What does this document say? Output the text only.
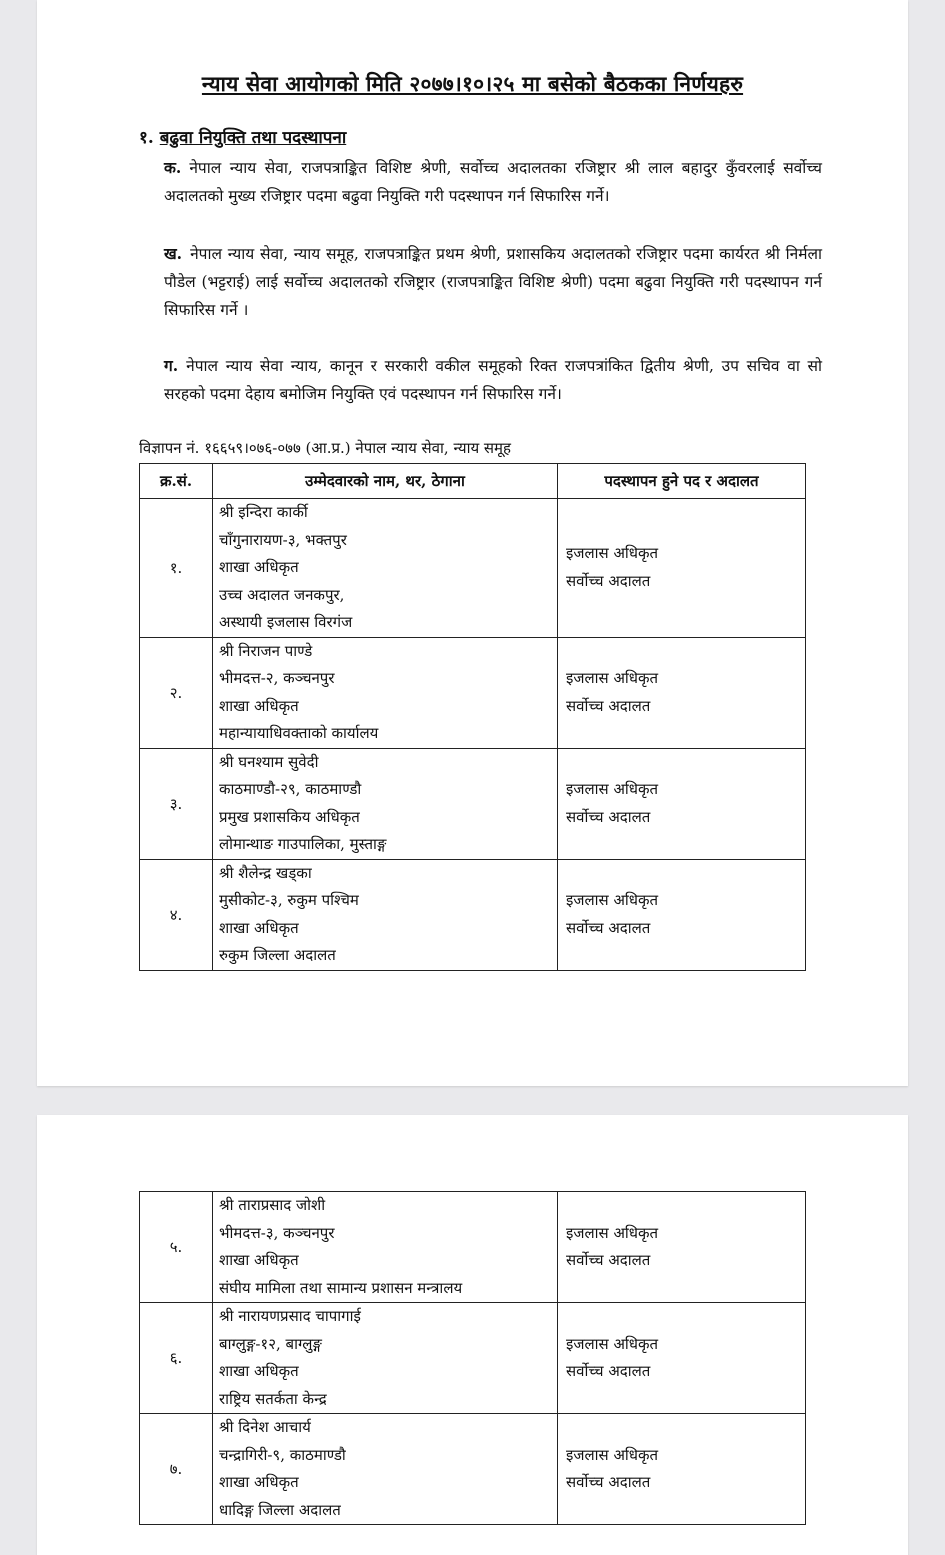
न्याय सेवा आयोगको मिति २०७७।१०।२५ मा बसेको बैठकका निर्णयहरु
१. बढुवा नियुक्ति तथा पदस्थापना
क. नेपाल न्याय सेवा, राजपत्राङ्कित विशिष्ट श्रेणी, सर्वोच्च अदालतका रजिष्ट्रार श्री लाल बहादुर कुँवरलाई सर्वोच्च अदालतको मुख्य रजिष्ट्रार पदमा बढुवा नियुक्ति गरी पदस्थापन गर्न सिफारिस गर्ने।
ख. नेपाल न्याय सेवा, न्याय समूह, राजपत्राङ्कित प्रथम श्रेणी, प्रशासकिय अदालतको रजिष्ट्रार पदमा कार्यरत श्री निर्मला पौडेल (भट्टराई) लाई सर्वोच्च अदालतको रजिष्ट्रार (राजपत्राङ्कित विशिष्ट श्रेणी) पदमा बढुवा नियुक्ति गरी पदस्थापन गर्न सिफारिस गर्ने ।
ग. नेपाल न्याय सेवा न्याय, कानून र सरकारी वकील समूहको रिक्त राजपत्रांकित द्वितीय श्रेणी, उप सचिव वा सो सरहको पदमा देहाय बमोजिम नियुक्ति एवं पदस्थापन गर्न सिफारिस गर्ने।
विज्ञापन नं. १६६५९।०७६-०७७ (आ.प्र.) नेपाल न्याय सेवा, न्याय समूह
क्र.सं.	उम्मेदवारको नाम, थर, ठेगाना	पदस्थापन हुने पद र अदालत
१.	श्री इन्दिरा कार्की
चाँगुनारायण-३, भक्तपुर
शाखा अधिकृत
उच्च अदालत जनकपुर,
अस्थायी इजलास विरगंज	इजलास अधिकृत
सर्वोच्च अदालत

२.	श्री निराजन पाण्डे
भीमदत्त-२, कञ्चनपुर
शाखा अधिकृत
महान्यायाधिवक्ताको कार्यालय	इजलास अधिकृत
सर्वोच्च अदालत

३.	श्री घनश्याम सुवेदी
काठमाण्डौ-२९, काठमाण्डौ
प्रमुख प्रशासकिय अधिकृत
लोमान्थाङ गाउपालिका, मुस्ताङ्ग	इजलास अधिकृत
सर्वोच्च अदालत

४.	श्री शैलेन्द्र खड्का
मुसीकोट-३, रुकुम पश्चिम
शाखा अधिकृत
रुकुम जिल्ला अदालत	इजलास अधिकृत
सर्वोच्च अदालत
५.	श्री ताराप्रसाद जोशी
भीमदत्त-३, कञ्चनपुर
शाखा अधिकृत
संघीय मामिला तथा सामान्य प्रशासन मन्त्रालय	इजलास अधिकृत
सर्वोच्च अदालत

६.	श्री नारायणप्रसाद चापागाई
बाग्लुङ्ग-१२, बाग्लुङ्ग
शाखा अधिकृत
राष्ट्रिय सतर्कता केन्द्र	इजलास अधिकृत
सर्वोच्च अदालत

७.	श्री दिनेश आचार्य
चन्द्रागिरी-९, काठमाण्डौ
शाखा अधिकृत
धादिङ्ग जिल्ला अदालत	इजलास अधिकृत
सर्वोच्च अदालत
